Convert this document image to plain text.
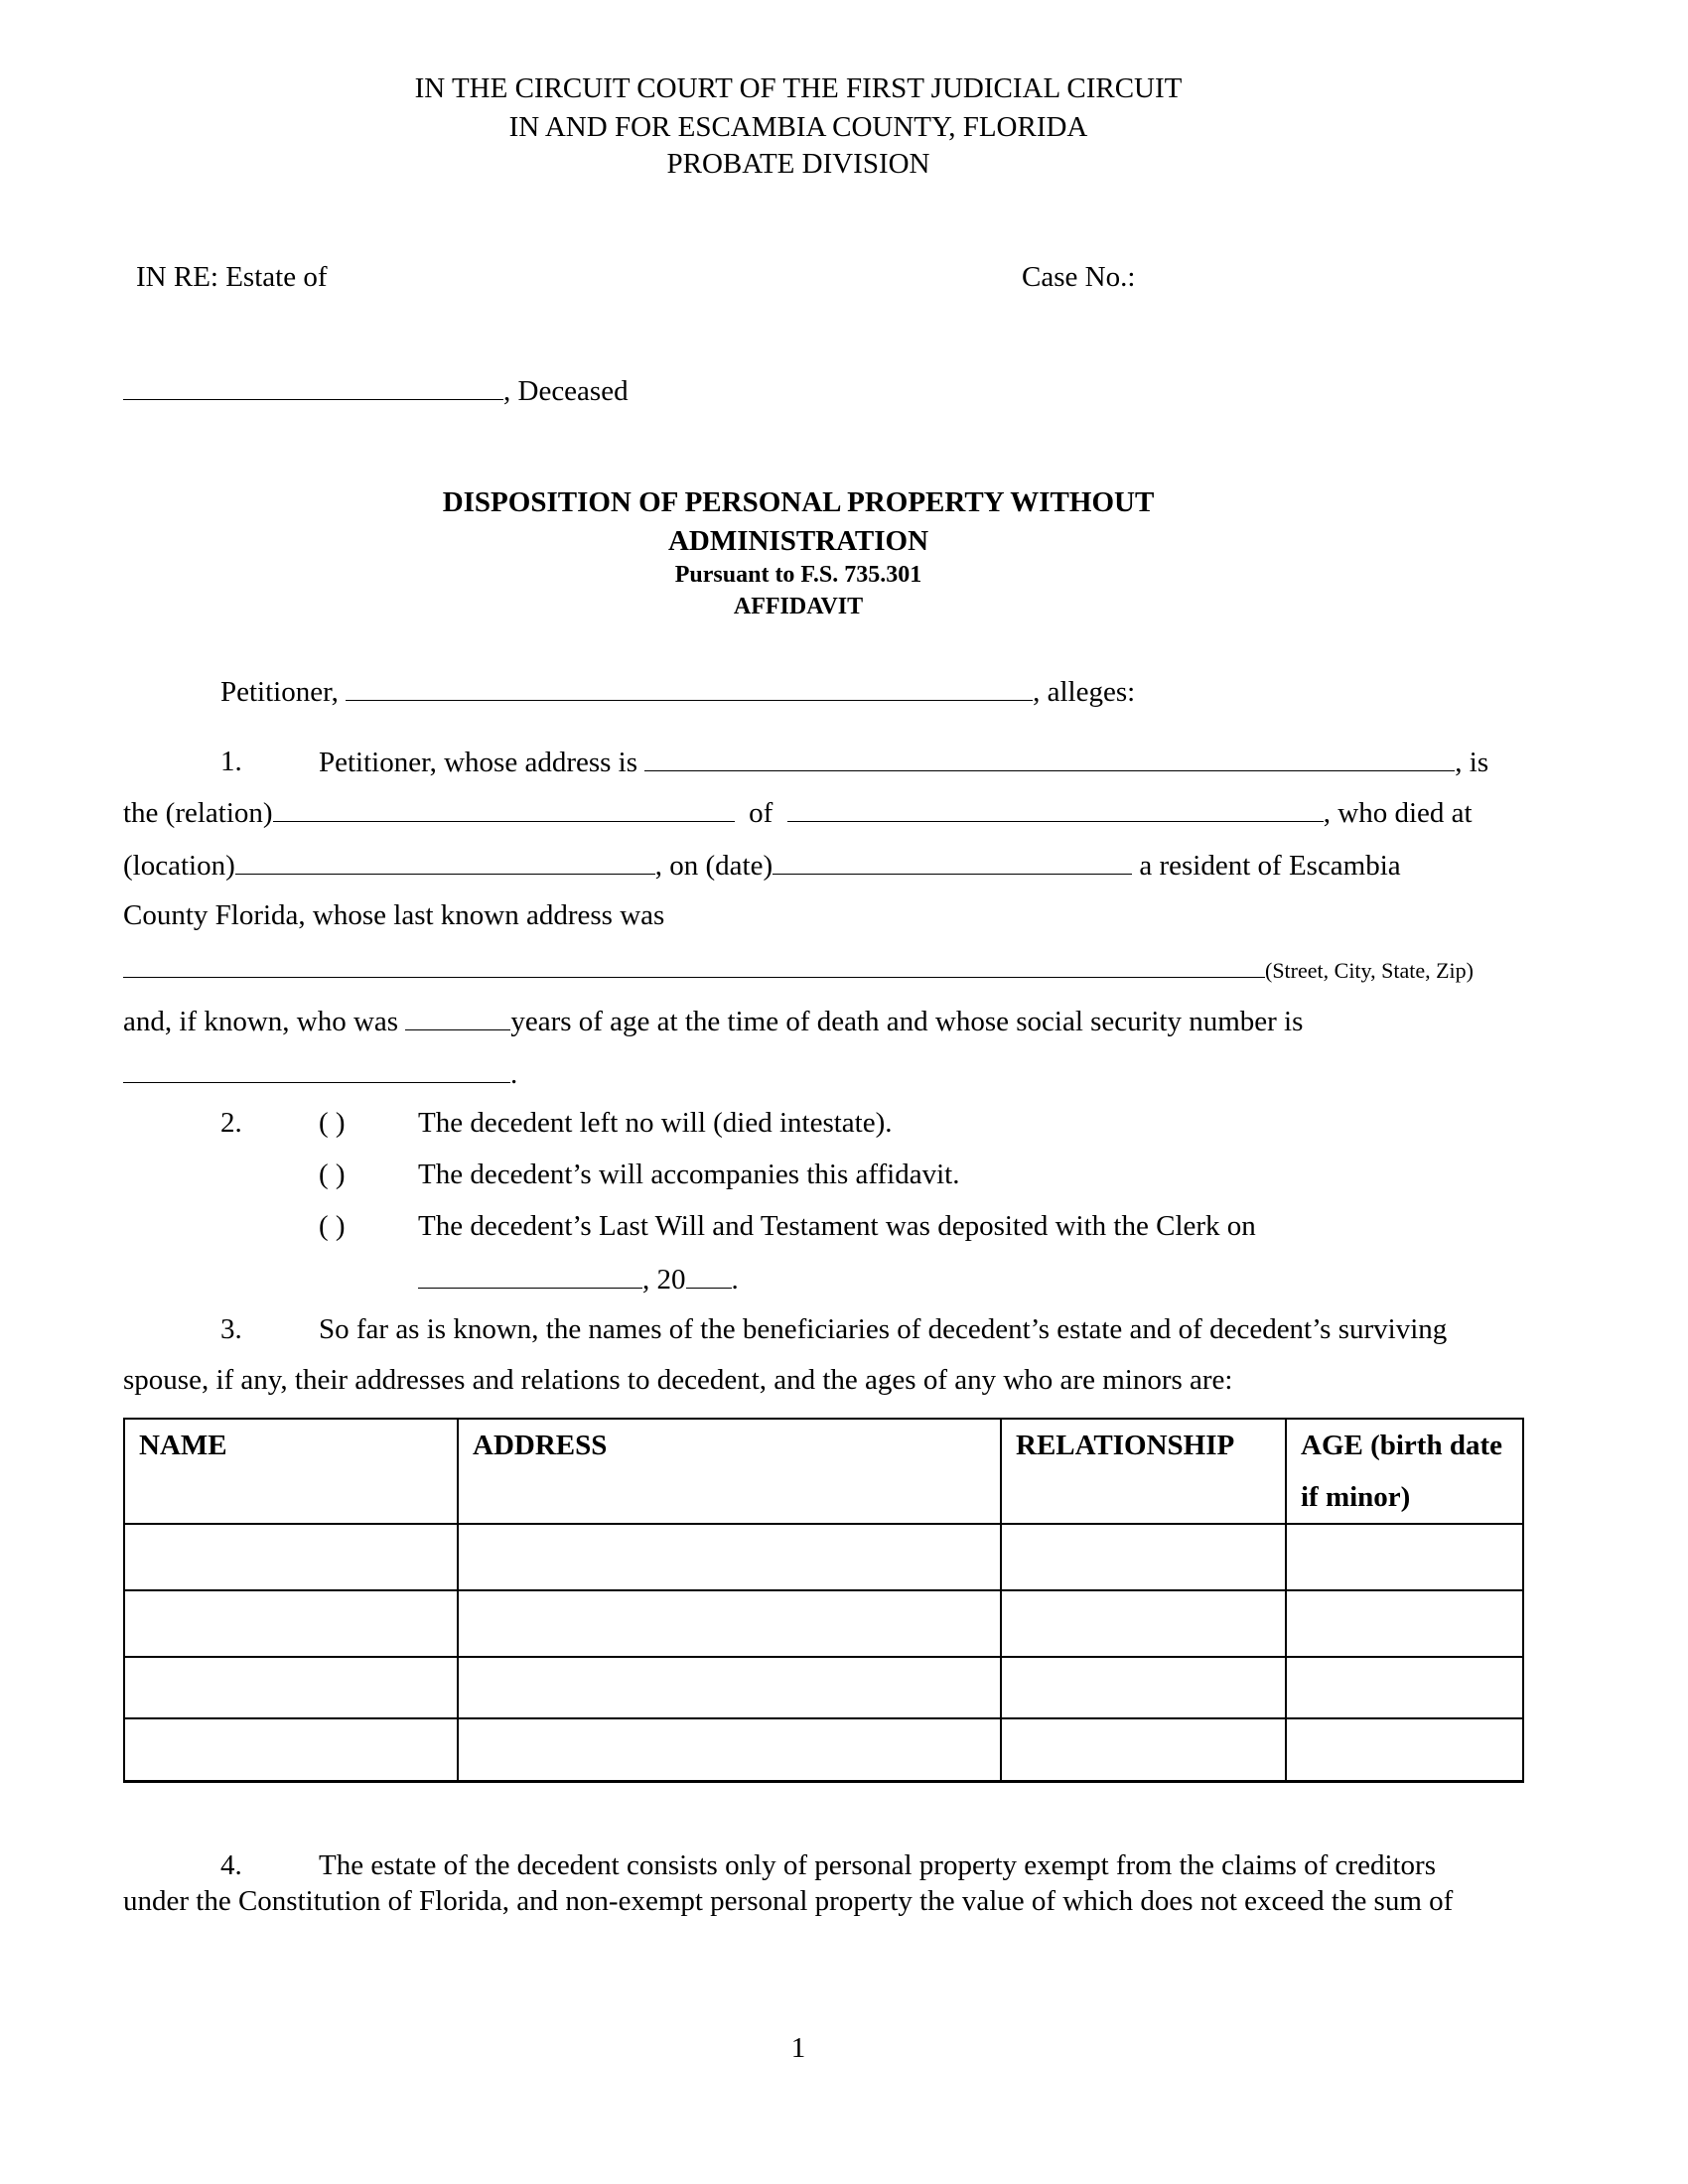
IN THE CIRCUIT COURT OF THE FIRST JUDICIAL CIRCUIT
IN AND FOR ESCAMBIA COUNTY, FLORIDA
PROBATE DIVISION
IN RE: Estate of	Case No.:
, Deceased
DISPOSITION OF PERSONAL PROPERTY WITHOUT
ADMINISTRATION
Pursuant to F.S. 735.301
AFFIDAVIT
Petitioner,	, alleges:
1.	Petitioner, whose address is	, is
the (relation)	of	, who died at
(location)	, on (date)	a resident of Escambia
County Florida, whose last known address was
(Street, City, State, Zip)
and, if known, who was	years of age at the time of death and whose social security number is
.
2.	( )	The decedent left no will (died intestate).
( )	The decedent’s will accompanies this affidavit.
( )	The decedent’s Last Will and Testament was deposited with the Clerk on
, 20 .
3.	So far as is known, the names of the beneficiaries of decedent’s estate and of decedent’s surviving
spouse, if any, their addresses and relations to decedent, and the ages of any who are minors are:
NAME	ADDRESS	RELATIONSHIP	AGE (birth date if minor)

4.	The estate of the decedent consists only of personal property exempt from the claims of creditors
under the Constitution of Florida, and non-exempt personal property the value of which does not exceed the sum of
1
